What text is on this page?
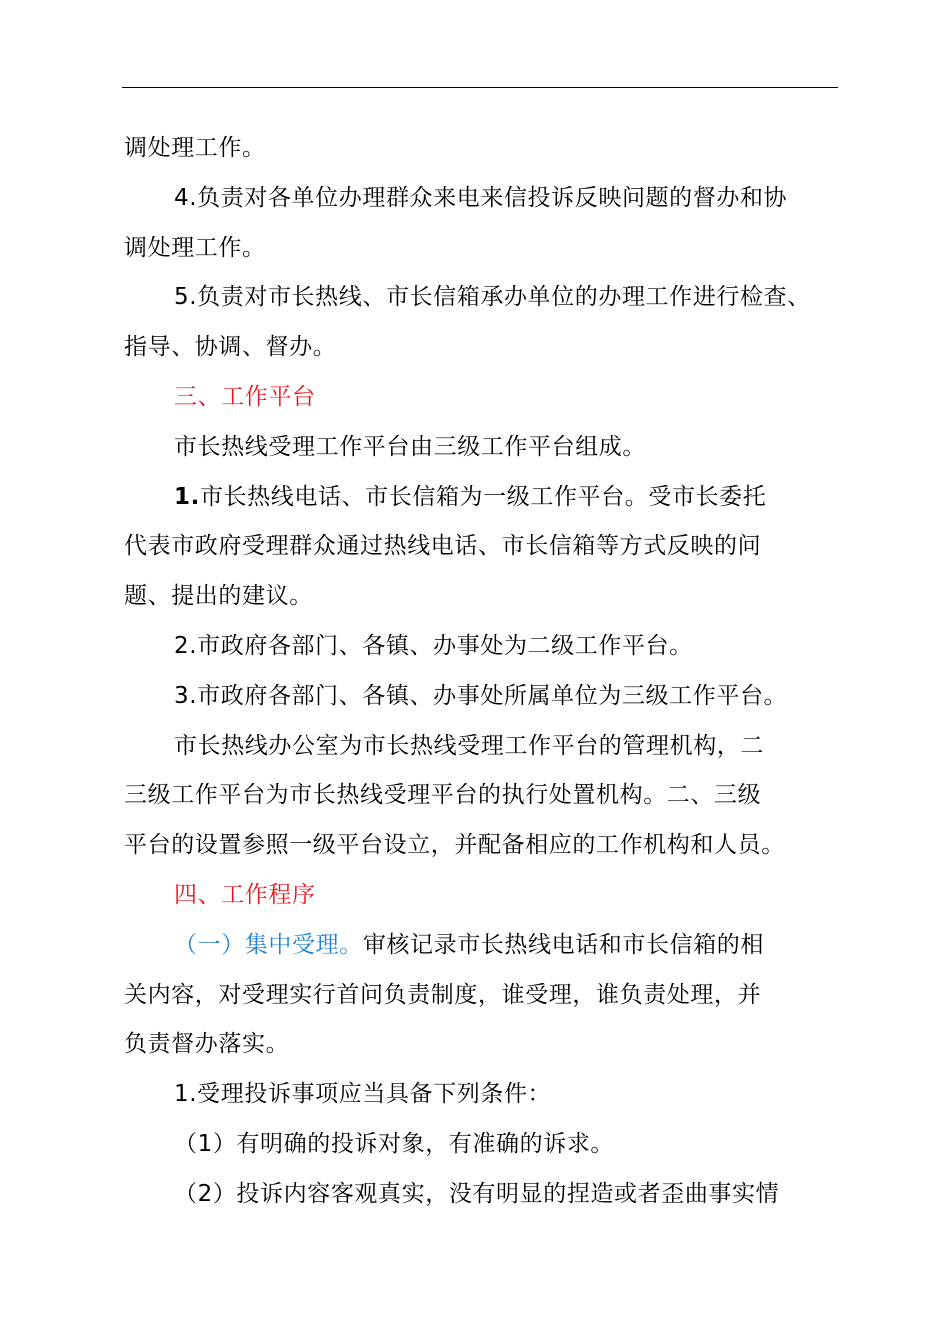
调处理工作。

4.负责对各单位办理群众来电来信投诉反映问题的督办和协

调处理工作。

5.负责对市长热线、市长信箱承办单位的办理工作进行检查、

指导、协调、督办。

三、工作平台

市长热线受理工作平台由三级工作平台组成。

1.市长热线电话、市长信箱为一级工作平台。受市长委托

代表市政府受理群众通过热线电话、市长信箱等方式反映的问

题、提出的建议。

2.市政府各部门、各镇、办事处为二级工作平台。

3.市政府各部门、各镇、办事处所属单位为三级工作平台。

市长热线办公室为市长热线受理工作平台的管理机构，二

三级工作平台为市长热线受理平台的执行处置机构。二、三级

平台的设置参照一级平台设立，并配备相应的工作机构和人员。

四、工作程序

（一）集中受理。审核记录市长热线电话和市长信箱的相

关内容，对受理实行首问负责制度，谁受理，谁负责处理，并

负责督办落实。

1.受理投诉事项应当具备下列条件：

（1）有明确的投诉对象，有准确的诉求。

（2）投诉内容客观真实，没有明显的捏造或者歪曲事实情
